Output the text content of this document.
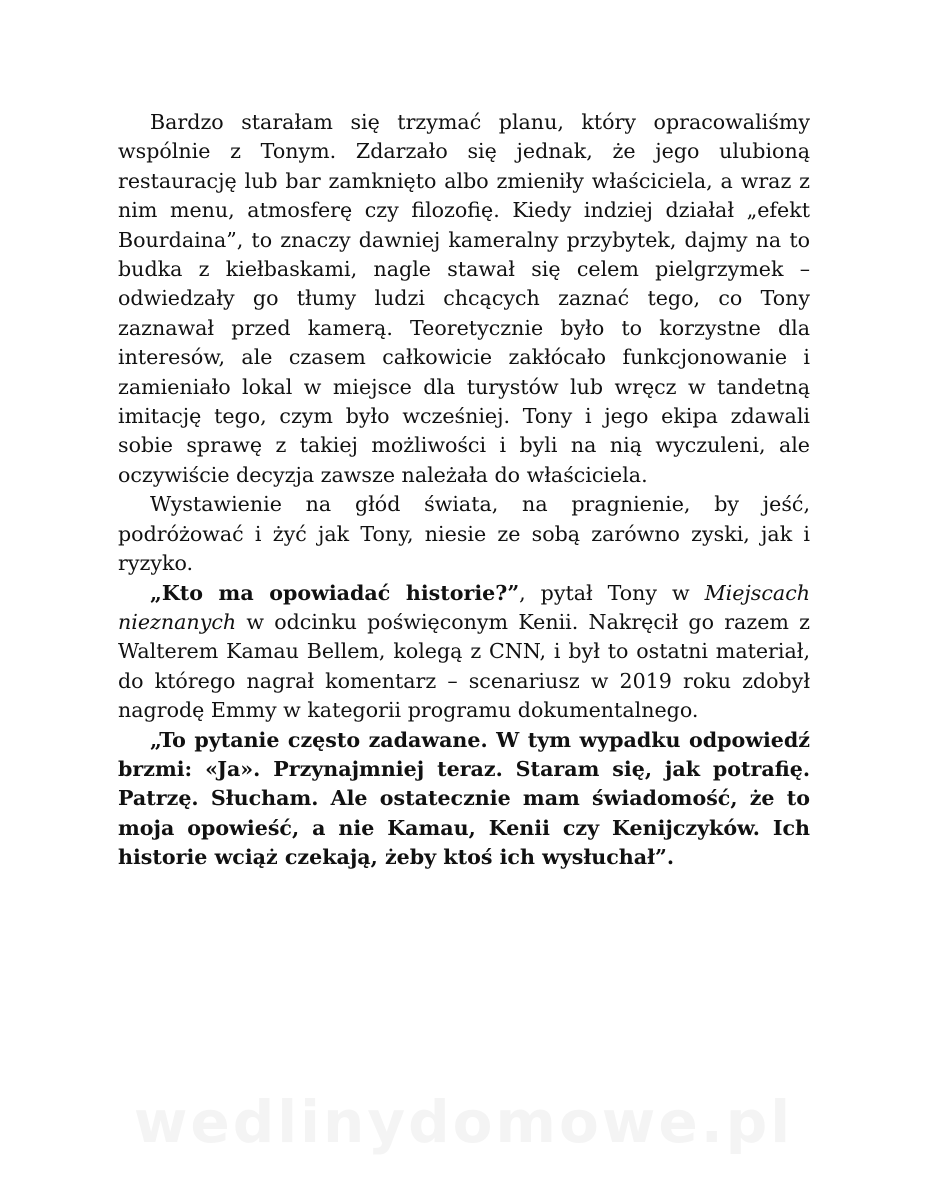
Bardzo starałam się trzymać planu, który opracowaliśmy wspólnie z Tonym. Zdarzało się jednak, że jego ulubioną restaurację lub bar zamknięto albo zmieniły właściciela, a wraz z nim menu, atmosferę czy filozofię. Kiedy indziej działał „efekt Bourdaina”, to znaczy dawniej kameralny przybytek, dajmy na to budka z kiełbaskami, nagle stawał się celem pielgrzymek – odwiedzały go tłumy ludzi chcących zaznać tego, co Tony zaznawał przed kamerą. Teoretycznie było to korzystne dla interesów, ale czasem całkowicie zakłócało funkcjonowanie i zamieniało lokal w miejsce dla turystów lub wręcz w tandetną imitację tego, czym było wcześniej. Tony i jego ekipa zdawali sobie sprawę z takiej możliwości i byli na nią wyczuleni, ale oczywiście decyzja zawsze należała do właściciela.

Wystawienie na głód świata, na pragnienie, by jeść, podróżować i żyć jak Tony, niesie ze sobą zarówno zyski, jak i ryzyko.

„Kto ma opowiadać historie?”, pytał Tony w Miejscach nieznanych w odcinku poświęconym Kenii. Nakręcił go razem z Walterem Kamau Bellem, kolegą z CNN, i był to ostatni materiał, do którego nagrał komentarz – scenariusz w 2019 roku zdobył nagrodę Emmy w kategorii programu dokumentalnego.

„To pytanie często zadawane. W tym wypadku odpowiedź brzmi: «Ja». Przynajmniej teraz. Staram się, jak potrafię. Patrzę. Słucham. Ale ostatecznie mam świadomość, że to moja opowieść, a nie Kamau, Kenii czy Kenijczyków. Ich historie wciąż czekają, żeby ktoś ich wysłuchał”.

wedlinydomowe.pl
